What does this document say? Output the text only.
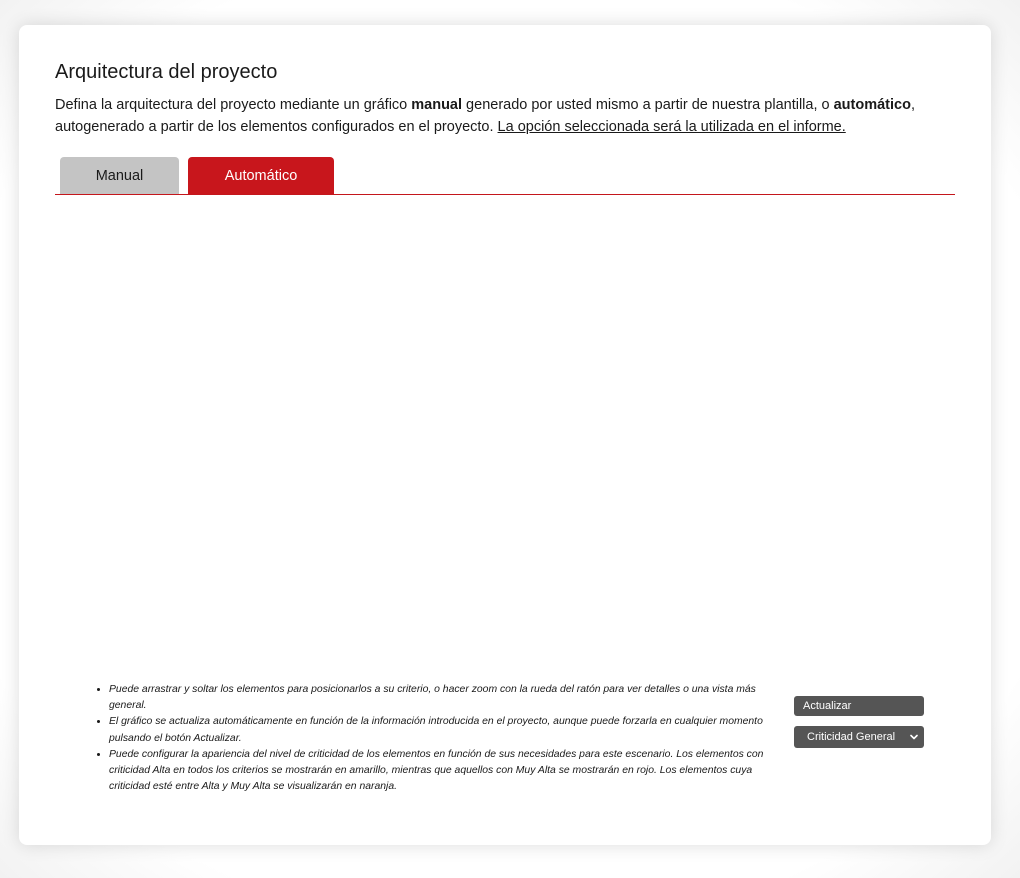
Arquitectura del proyecto

Defina la arquitectura del proyecto mediante un gráfico manual generado por usted mismo a partir de nuestra plantilla, o automático, autogenerado a partir de los elementos configurados en el proyecto. La opción seleccionada será la utilizada en el informe.

Manual	Automático
• Puede arrastrar y soltar los elementos para posicionarlos a su criterio, o hacer zoom con la rueda del ratón para ver detalles o una vista más general.
• El gráfico se actualiza automáticamente en función de la información introducida en el proyecto, aunque puede forzarla en cualquier momento pulsando el botón Actualizar.
• Puede configurar la apariencia del nivel de criticidad de los elementos en función de sus necesidades para este escenario. Los elementos con criticidad Alta en todos los criterios se mostrarán en amarillo, mientras que aquellos con Muy Alta se mostrarán en rojo. Los elementos cuya criticidad esté entre Alta y Muy Alta se visualizarán en naranja.
Actualizar
Criticidad General
